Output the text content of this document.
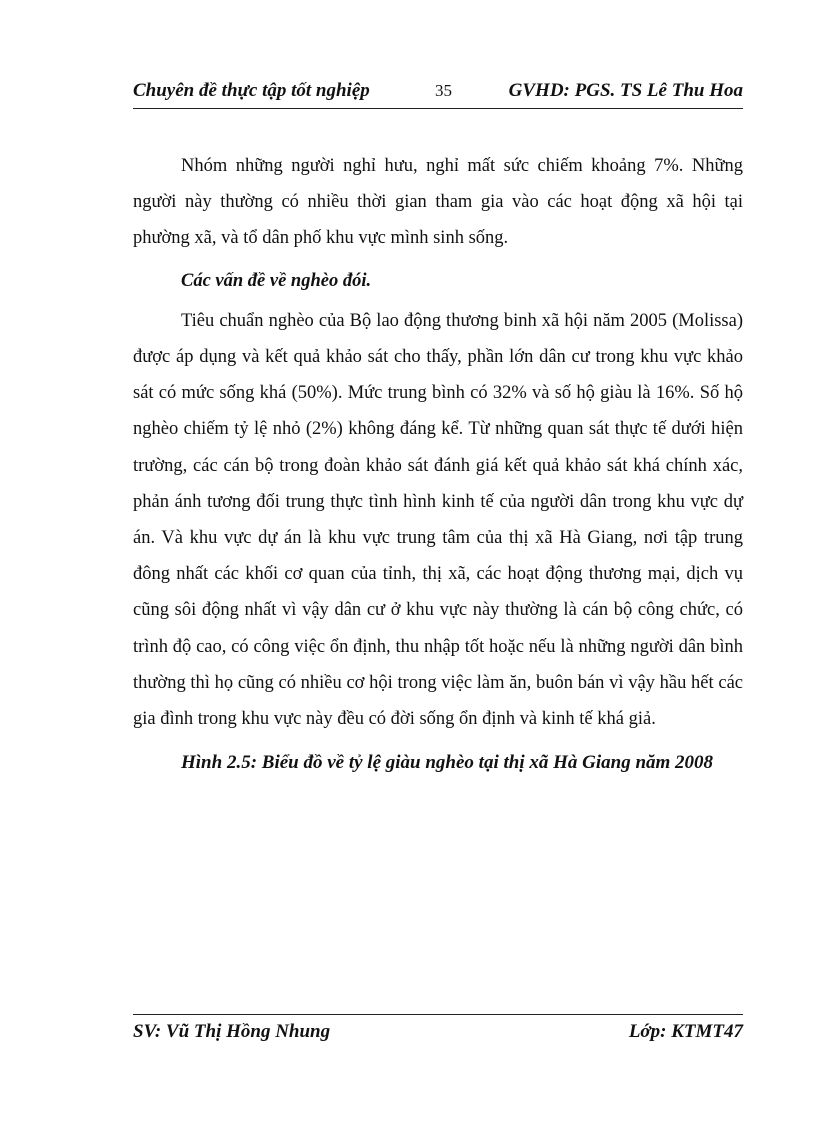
Chuyên đề thực tập tốt nghiệp	35	GVHD: PGS. TS Lê Thu Hoa

Nhóm những người nghỉ hưu, nghỉ mất sức chiếm khoảng 7%. Những người này thường có nhiều thời gian tham gia vào các hoạt động xã hội tại phường xã, và tổ dân phố khu vực mình sinh sống.

Các vấn đề về nghèo đói.

Tiêu chuẩn nghèo của Bộ lao động thương binh xã hội năm 2005 (Molissa) được áp dụng và kết quả khảo sát cho thấy, phần lớn dân cư trong khu vực khảo sát có mức sống khá (50%). Mức trung bình có 32% và số hộ giàu là 16%. Số hộ nghèo chiếm tỷ lệ nhỏ (2%) không đáng kể. Từ những quan sát thực tế dưới hiện trường, các cán bộ trong đoàn khảo sát đánh giá kết quả khảo sát khá chính xác, phản ánh tương đối trung thực tình hình kinh tế của người dân trong khu vực dự án. Và khu vực dự án là khu vực trung tâm của thị xã Hà Giang, nơi tập trung đông nhất các khối cơ quan của tỉnh, thị xã, các hoạt động thương mại, dịch vụ cũng sôi động nhất vì vậy dân cư ở khu vực này thường là cán bộ công chức, có trình độ cao, có công việc ổn định, thu nhập tốt hoặc nếu là những người dân bình thường thì họ cũng có nhiều cơ hội trong việc làm ăn, buôn bán vì vậy hầu hết các gia đình trong khu vực này đều có đời sống ổn định và kinh tế khá giả.

Hình 2.5: Biểu đồ về tỷ lệ giàu nghèo tại thị xã Hà Giang năm 2008

SV: Vũ Thị Hồng Nhung	Lớp: KTMT47
